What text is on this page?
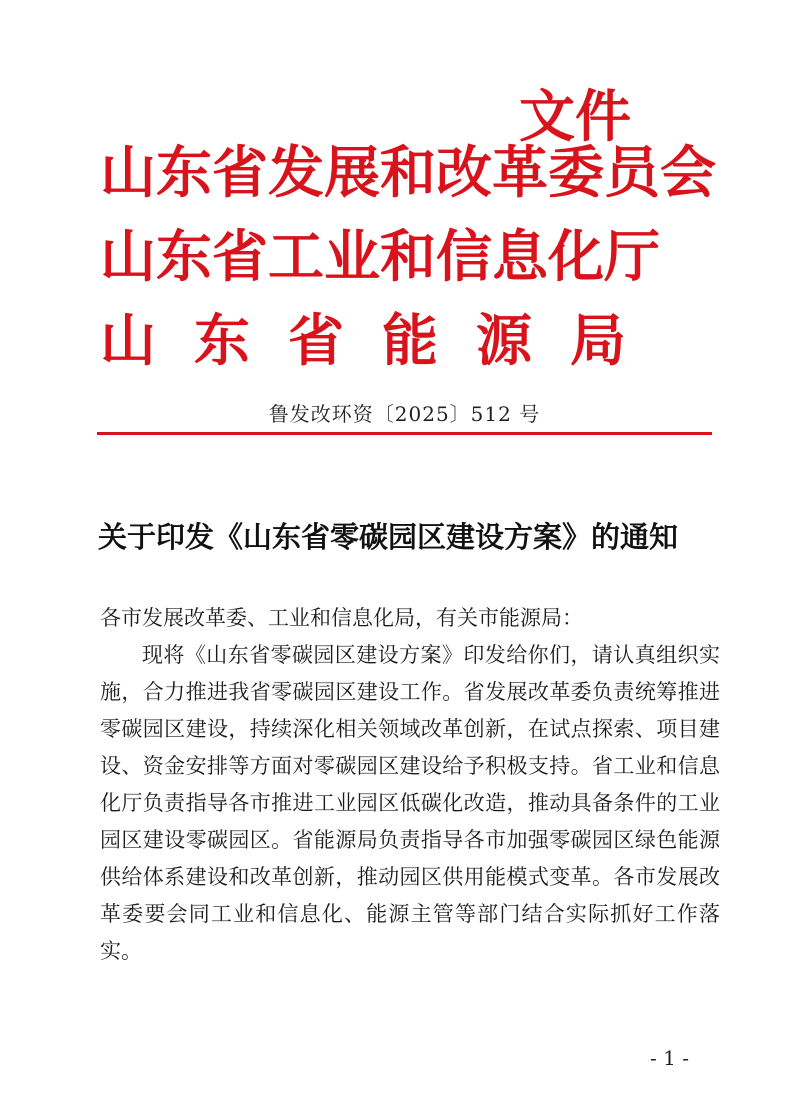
山东省发展和改革委员会
山东省工业和信息化厅
山东省能源局
文件
鲁发改环资〔2025〕512 号
关于印发《山东省零碳园区建设方案》的通知

各市发展改革委、工业和信息化局，有关市能源局：

现将《山东省零碳园区建设方案》印发给你们，请认真组织实施，合力推进我省零碳园区建设工作。省发展改革委负责统筹推进零碳园区建设，持续深化相关领域改革创新，在试点探索、项目建设、资金安排等方面对零碳园区建设给予积极支持。省工业和信息化厅负责指导各市推进工业园区低碳化改造，推动具备条件的工业园区建设零碳园区。省能源局负责指导各市加强零碳园区绿色能源供给体系建设和改革创新，推动园区供用能模式变革。各市发展改革委要会同工业和信息化、能源主管等部门结合实际抓好工作落实。

- 1 -
